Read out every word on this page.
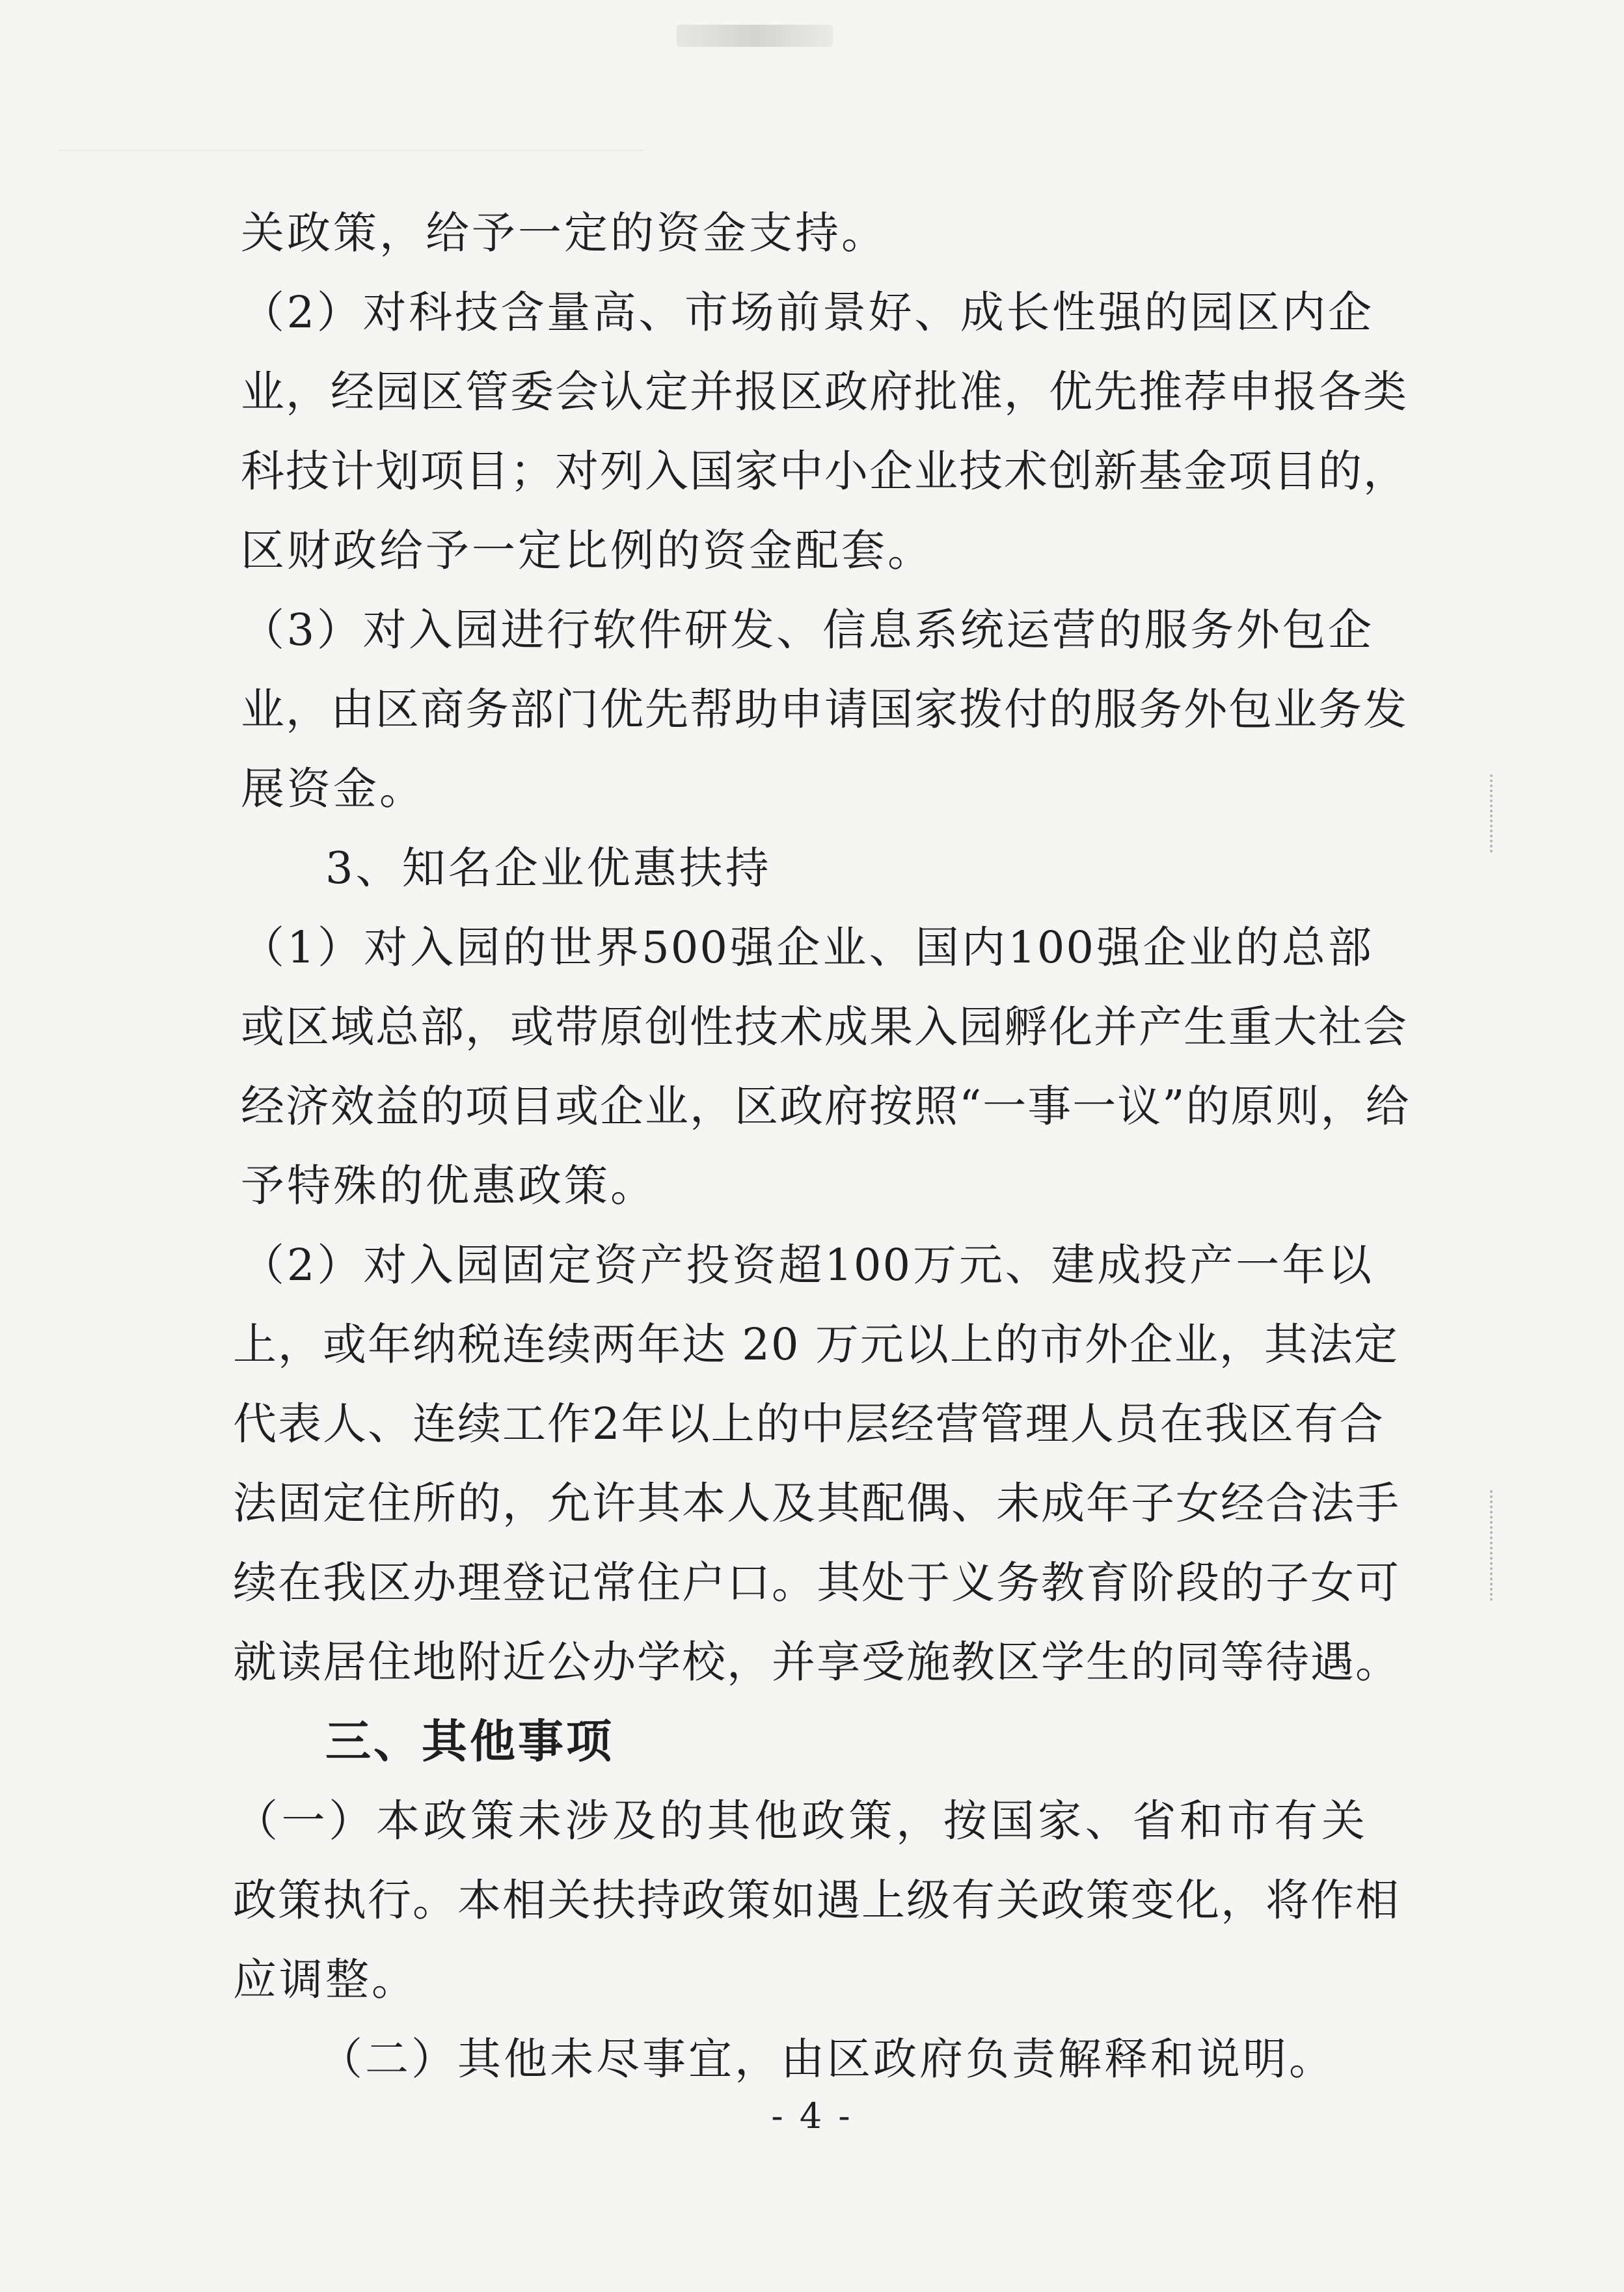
关政策，给予一定的资金支持。
（2）对科技含量高、市场前景好、成长性强的园区内企
业，经园区管委会认定并报区政府批准，优先推荐申报各类
科技计划项目；对列入国家中小企业技术创新基金项目的，
区财政给予一定比例的资金配套。
（3）对入园进行软件研发、信息系统运营的服务外包企
业，由区商务部门优先帮助申请国家拨付的服务外包业务发
展资金。
3、知名企业优惠扶持
（1）对入园的世界500强企业、国内100强企业的总部
或区域总部，或带原创性技术成果入园孵化并产生重大社会
经济效益的项目或企业，区政府按照“一事一议”的原则，给
予特殊的优惠政策。
（2）对入园固定资产投资超100万元、建成投产一年以
上，或年纳税连续两年达 20 万元以上的市外企业，其法定
代表人、连续工作2年以上的中层经营管理人员在我区有合
法固定住所的，允许其本人及其配偶、未成年子女经合法手
续在我区办理登记常住户口。其处于义务教育阶段的子女可
就读居住地附近公办学校，并享受施教区学生的同等待遇。
三、其他事项
（一）本政策未涉及的其他政策，按国家、省和市有关
政策执行。本相关扶持政策如遇上级有关政策变化，将作相
应调整。
（二）其他未尽事宜，由区政府负责解释和说明。
- 4 -
